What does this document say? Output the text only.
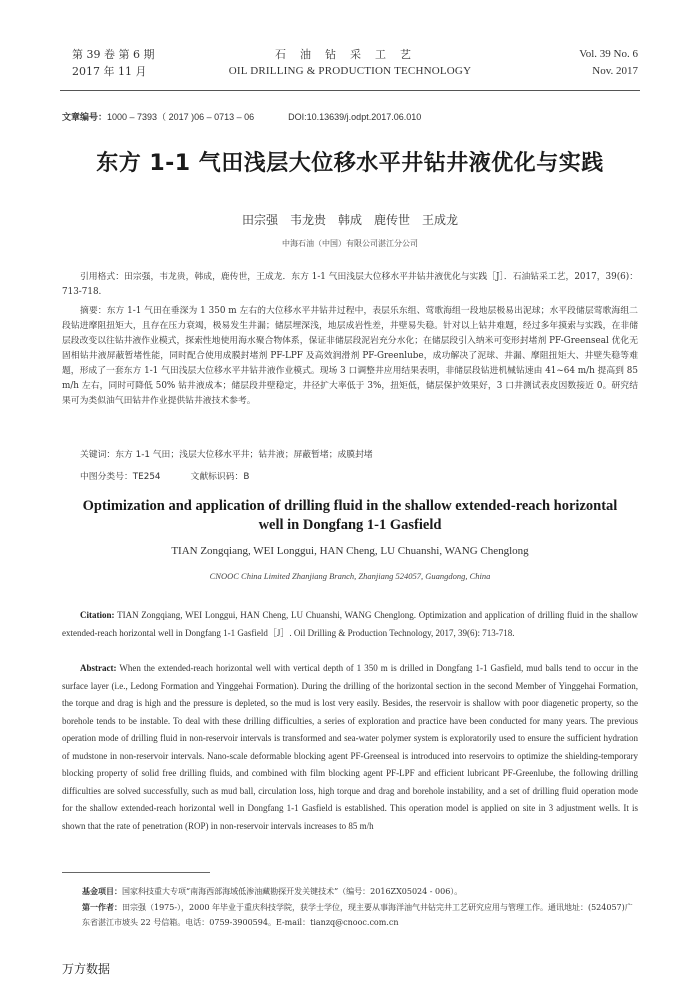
第 39 卷 第 6 期
2017 年 11 月
石油钻采工艺
OIL DRILLING & PRODUCTION TECHNOLOGY
Vol. 39 No. 6
Nov. 2017
文章编号：1000 – 7393（ 2017 )06 – 0713 – 06	DOI:10.13639/j.odpt.2017.06.010
东方 1-1 气田浅层大位移水平井钻井液优化与实践
田宗强　韦龙贵　韩成　鹿传世　王成龙
中海石油（中国）有限公司湛江分公司
引用格式：田宗强，韦龙贵，韩成，鹿传世，王成龙．东方 1-1 气田浅层大位移水平井钻井液优化与实践［J］．石油钻采工艺，2017，39(6)：713-718.
摘要：东方 1-1 气田在垂深为 1 350 m 左右的大位移水平井钻井过程中，表层乐东组、莺歌海组一段地层极易出泥球；水平段储层莺歌海组二段钻进摩阻扭矩大，且存在压力衰竭，极易发生井漏；储层埋深浅，地层成岩性差，井壁易失稳。针对以上钻井难题，经过多年摸索与实践，在非储层段改变以往钻井液作业模式，探索性地使用海水聚合物体系，保证非储层段泥岩充分水化；在储层段引入纳米可变形封堵剂 PF-Greenseal 优化无固相钻井液屏蔽暂堵性能，同时配合使用成膜封堵剂 PF-LPF 及高效润滑剂 PF-Greenlube，成功解决了泥球、井漏、摩阻扭矩大、井壁失稳等难题，形成了一套东方 1-1 气田浅层大位移水平井钻井液作业模式。现场 3 口调整井应用结果表明，非储层段钻进机械钻速由 41~64 m/h 提高到 85 m/h 左右，同时可降低 50% 钻井液成本；储层段井壁稳定，井径扩大率低于 3%，扭矩低，储层保护效果好，3 口井测试表皮因数接近 0。研究结果可为类似油气田钻井作业提供钻井液技术参考。
关键词：东方 1-1 气田；浅层大位移水平井；钻井液；屏蔽暂堵；成膜封堵
中图分类号：TE254	文献标识码：B
Optimization and application of drilling fluid in the shallow extended-reach horizontal well in Dongfang 1-1 Gasfield
TIAN Zongqiang, WEI Longgui, HAN Cheng, LU Chuanshi, WANG Chenglong
CNOOC China Limited Zhanjiang Branch, Zhanjiang 524057, Guangdong, China
Citation: TIAN Zongqiang, WEI Longgui, HAN Cheng, LU Chuanshi, WANG Chenglong. Optimization and application of drilling fluid in the shallow extended-reach horizontal well in Dongfang 1-1 Gasfield［J］. Oil Drilling & Production Technology, 2017, 39(6): 713-718.
Abstract: When the extended-reach horizontal well with vertical depth of 1 350 m is drilled in Dongfang 1-1 Gasfield, mud balls tend to occur in the surface layer (i.e., Ledong Formation and Yinggehai Formation). During the drilling of the horizontal section in the second Member of Yinggehai Formation, the torque and drag is high and the pressure is depleted, so the mud is lost very easily. Besides, the reservoir is shallow with poor diagenetic property, so the borehole tends to be instable. To deal with these drilling difficulties, a series of exploration and practice have been conducted for many years. The previous operation mode of drilling fluid in non-reservoir intervals is transformed and sea-water polymer system is exploratorily used to ensure the sufficient hydration of mudstone in non-reservoir intervals. Nano-scale deformable blocking agent PF-Greenseal is introduced into reservoirs to optimize the shielding-temporary blocking property of solid free drilling fluids, and combined with film blocking agent PF-LPF and efficient lubricant PF-Greenlube, the following drilling difficulties are solved successfully, such as mud ball, circulation loss, high torque and drag and borehole instability, and a set of drilling fluid operation mode for the shallow extended-reach horizontal well in Dongfang 1-1 Gasfield is established. This operation model is applied on site in 3 adjustment wells. It is shown that the rate of penetration (ROP) in non-reservoir intervals increases to 85 m/h
基金项目：国家科技重大专项“南海西部海域低渗油藏勘探开发关键技术”（编号：2016ZX05024 - 006）。
第一作者：田宗强（1975-），2000 年毕业于重庆科技学院，获学士学位，现主要从事海洋油气井钻完井工艺研究应用与管理工作。通讯地址：(524057)广东省湛江市坡头 22 号信箱。电话：0759-3900594。E-mail：tianzq@cnooc.com.cn
万方数据
